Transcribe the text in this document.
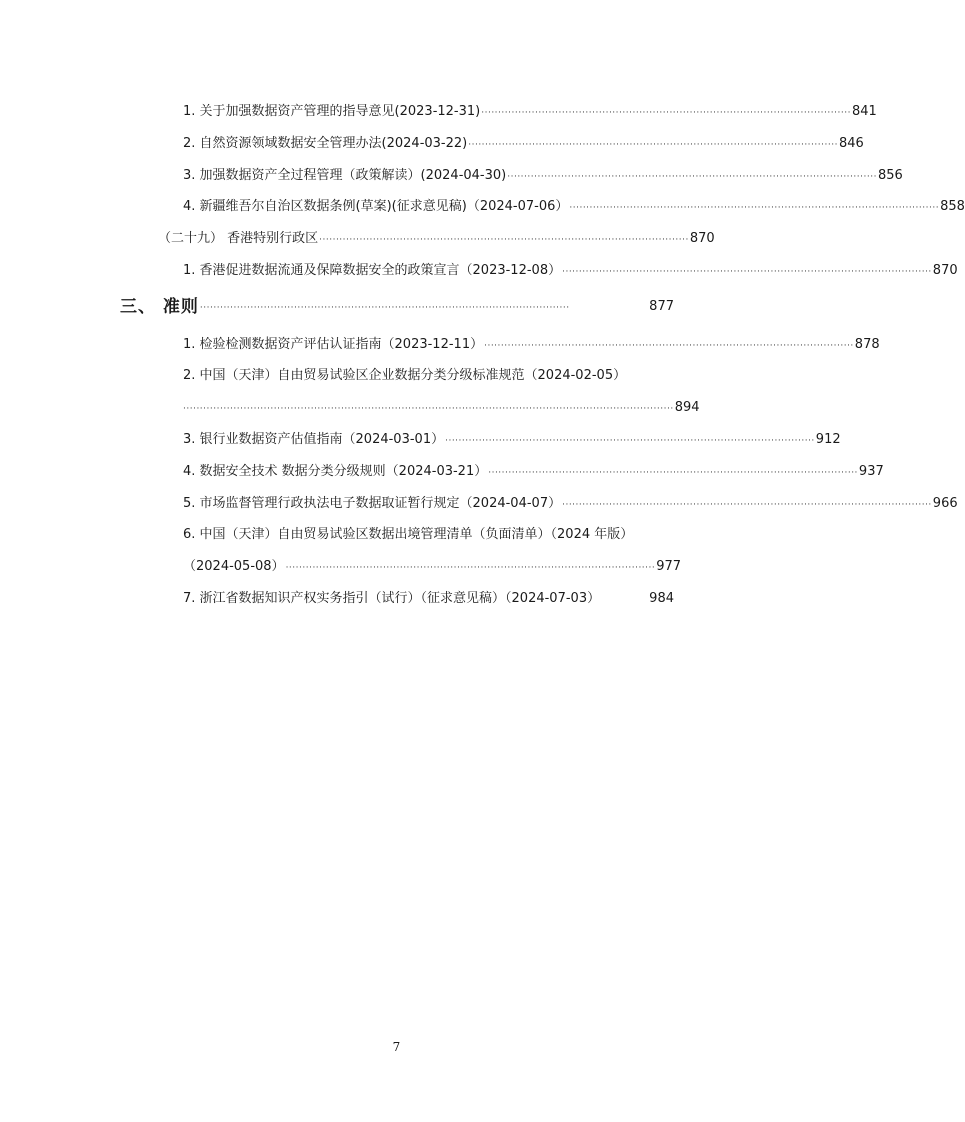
1. 关于加强数据资产管理的指导意见(2023-12-31) ·············································································································· 841
2. 自然资源领域数据安全管理办法(2024-03-22) ·············································································································· 846
3. 加强数据资产全过程管理（政策解读）(2024-04-30) ·············································································································· 856
4. 新疆维吾尔自治区数据条例(草案)(征求意见稿)（2024-07-06） ·············································································································· 858
（二十九） 香港特别行政区 ·············································································································· 870
1. 香港促进数据流通及保障数据安全的政策宣言（2023-12-08） ·············································································································· 870
三、 准则 ··············································································································	877
1. 检验检测数据资产评估认证指南（2023-12-11） ·············································································································· 878
2. 中国（天津）自由贸易试验区企业数据分类分级标准规范（2024-02-05）
·················································································································································· 894
3. 银行业数据资产估值指南（2024-03-01） ·············································································································· 912
4. 数据安全技术 数据分类分级规则（2024-03-21） ·············································································································· 937
5. 市场监督管理行政执法电子数据取证暂行规定（2024-04-07） ·············································································································· 966
6. 中国（天津）自由贸易试验区数据出境管理清单（负面清单）（2024 年版）
（2024-05-08） ·············································································································· 977
7. 浙江省数据知识产权实务指引（试行）（征求意见稿）（2024-07-03）	984
7
